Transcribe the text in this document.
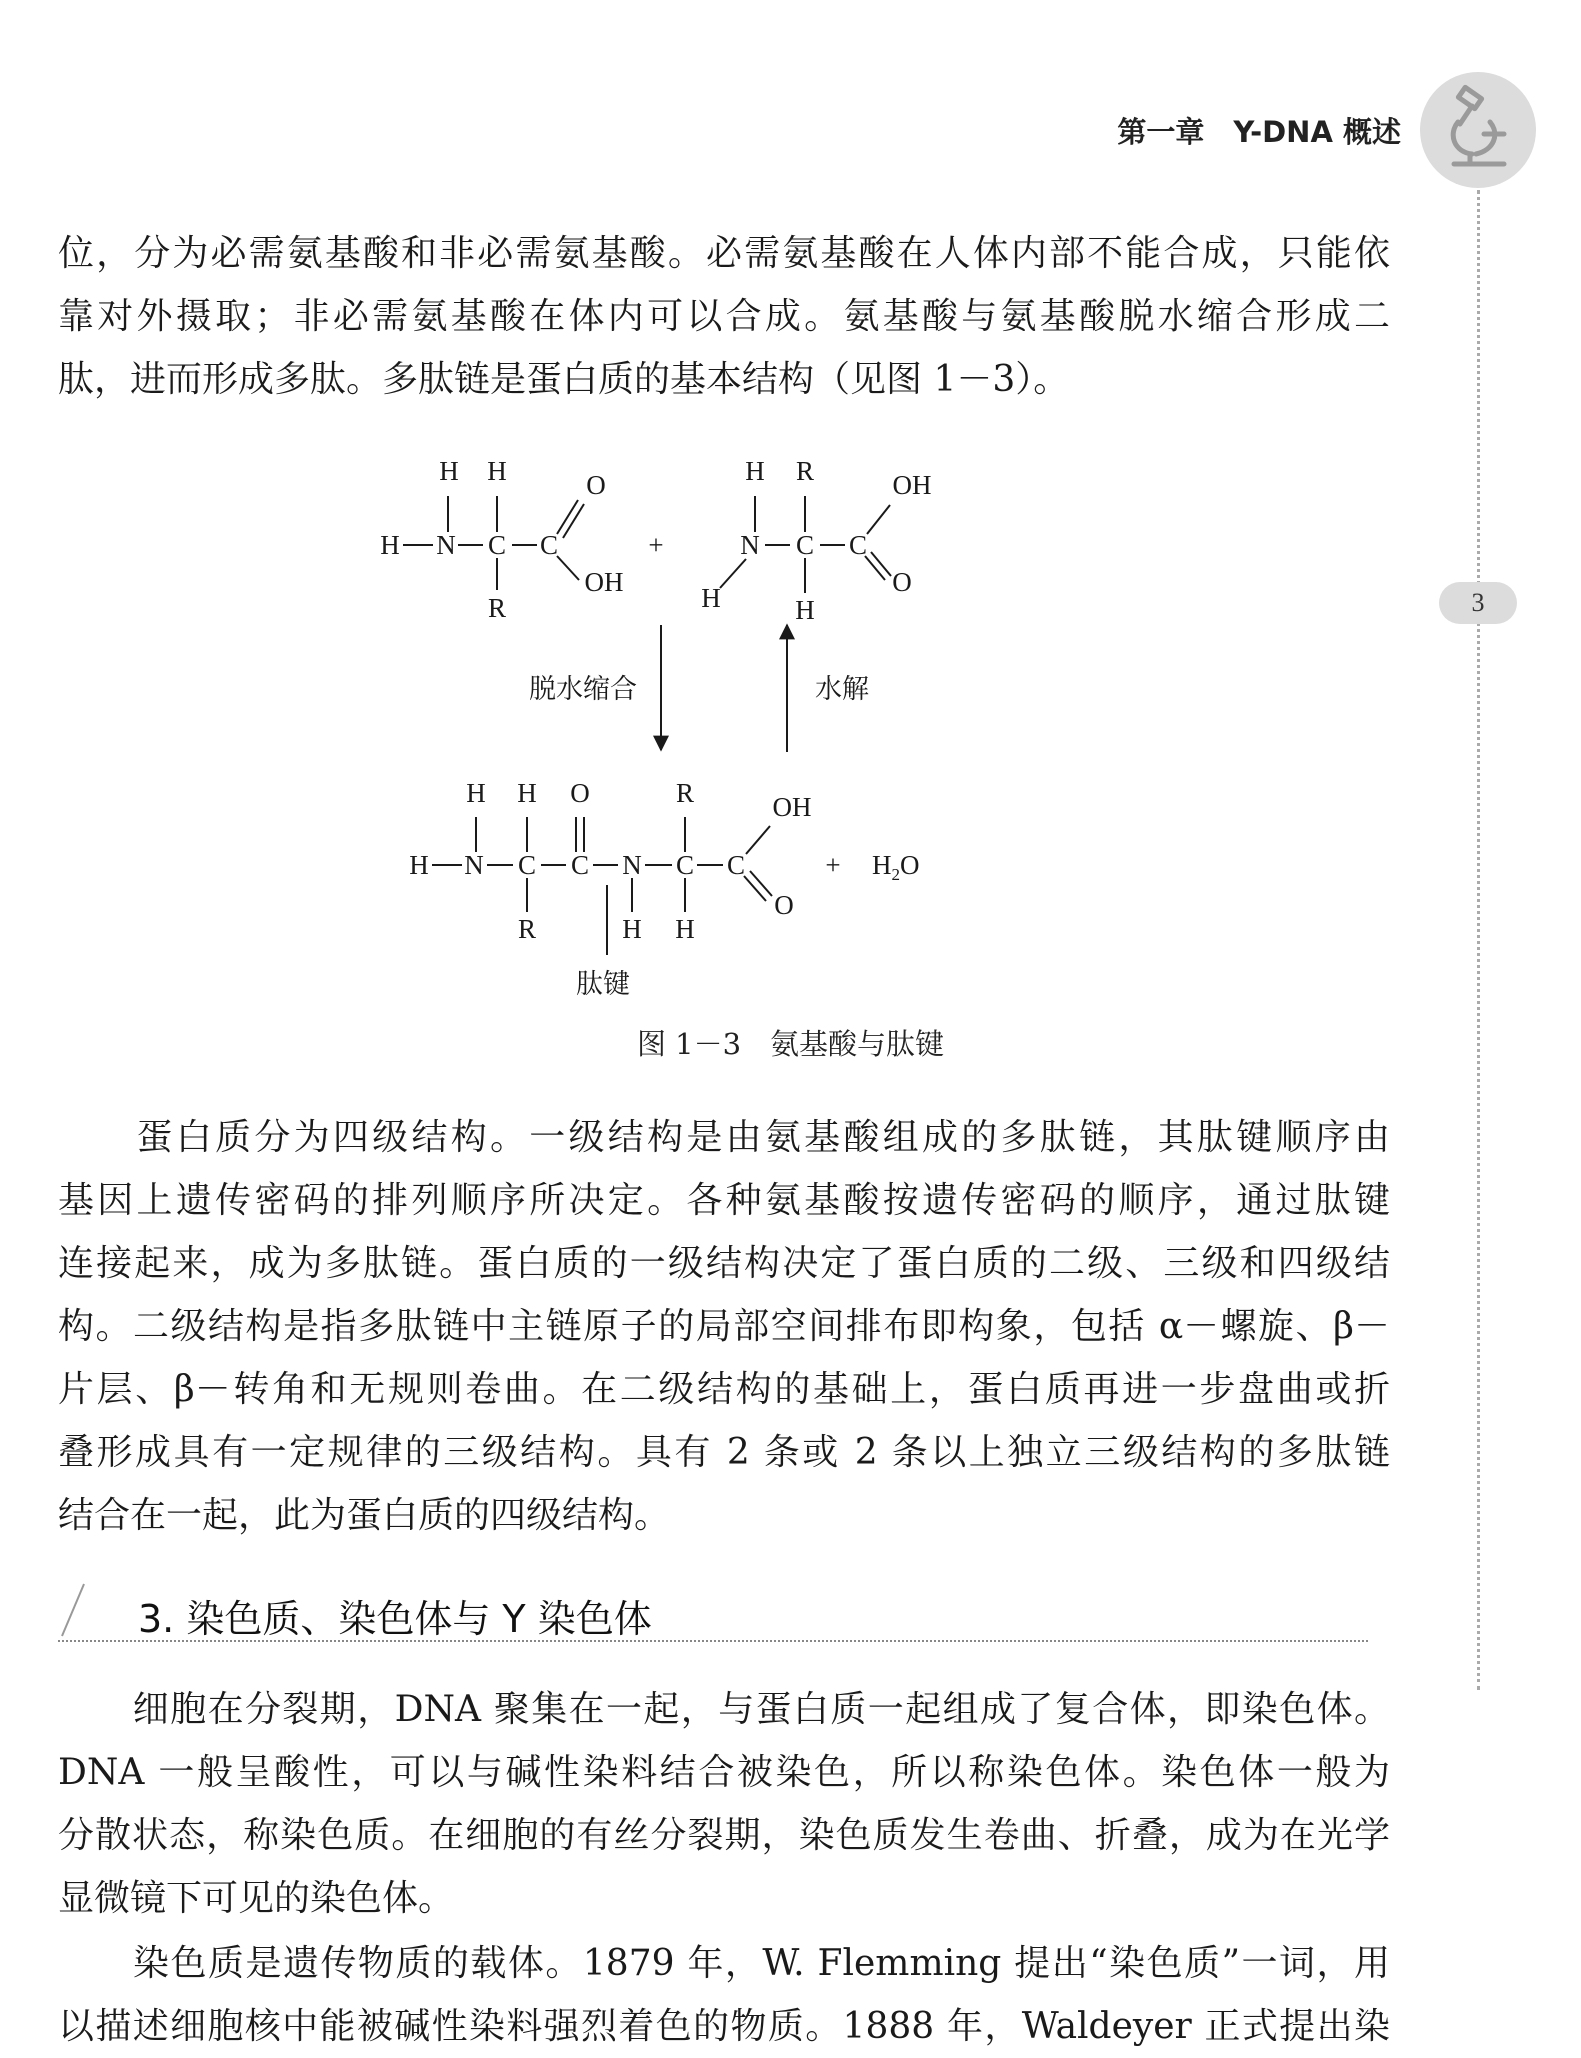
第一章　Y-DNA 概述
3
位，分为必需氨基酸和非必需氨基酸。必需氨基酸在人体内部不能合成，只能依
靠对外摄取；非必需氨基酸在体内可以合成。氨基酸与氨基酸脱水缩合形成二
肽，进而形成多肽。多肽链是蛋白质的基本结构（见图 1－3）。
H H
H N C C
O
OH
R
+
H R
N C C
OH
O
H	H
H H O	R
H N C C N C C
OH
O
R	H H
+ $H_2O$
脱水缩合	水解
肽键
图 1－3　氨基酸与肽键
　　蛋白质分为四级结构。一级结构是由氨基酸组成的多肽链，其肽键顺序由
基因上遗传密码的排列顺序所决定。各种氨基酸按遗传密码的顺序，通过肽键
连接起来，成为多肽链。蛋白质的一级结构决定了蛋白质的二级、三级和四级结
构。二级结构是指多肽链中主链原子的局部空间排布即构象，包括 α－螺旋、β－
片层、β－转角和无规则卷曲。在二级结构的基础上，蛋白质再进一步盘曲或折
叠形成具有一定规律的三级结构。具有 2 条或 2 条以上独立三级结构的多肽链
结合在一起，此为蛋白质的四级结构。
3. 染色质、染色体与 Y 染色体
　　细胞在分裂期，DNA 聚集在一起，与蛋白质一起组成了复合体，即染色体。
DNA 一般呈酸性，可以与碱性染料结合被染色，所以称染色体。染色体一般为
分散状态，称染色质。在细胞的有丝分裂期，染色质发生卷曲、折叠，成为在光学
显微镜下可见的染色体。
　　染色质是遗传物质的载体。1879 年，W. Flemming 提出“染色质”一词，用
以描述细胞核中能被碱性染料强烈着色的物质。1888 年，Waldeyer 正式提出染
